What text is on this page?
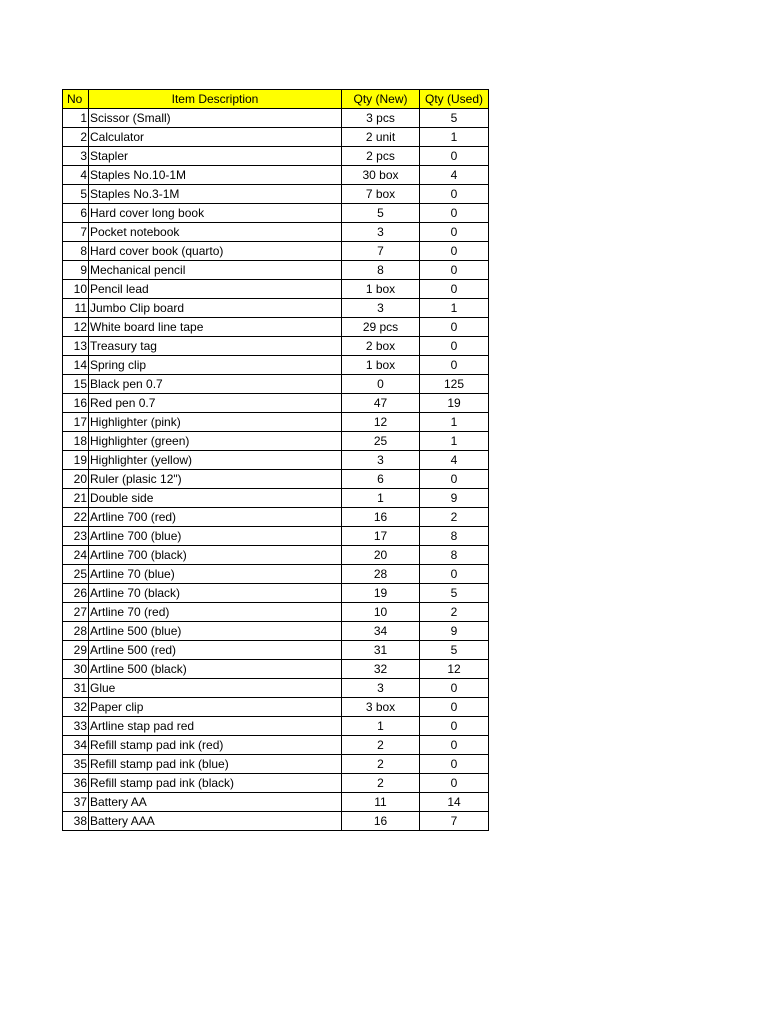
No	Item Description	Qty (New)	Qty (Used)
1	Scissor (Small)	3 pcs	5
2	Calculator	2 unit	1
3	Stapler	2 pcs	0
4	Staples No.10-1M	30 box	4
5	Staples No.3-1M	7 box	0
6	Hard cover long book	5	0
7	Pocket notebook	3	0
8	Hard cover book (quarto)	7	0
9	Mechanical pencil	8	0
10	Pencil lead	1 box	0
11	Jumbo Clip board	3	1
12	White board line tape	29 pcs	0
13	Treasury tag	2 box	0
14	Spring clip	1 box	0
15	Black pen 0.7	0	125
16	Red pen 0.7	47	19
17	Highlighter (pink)	12	1
18	Highlighter (green)	25	1
19	Highlighter (yellow)	3	4
20	Ruler (plasic 12")	6	0
21	Double side	1	9
22	Artline 700 (red)	16	2
23	Artline 700 (blue)	17	8
24	Artline 700 (black)	20	8
25	Artline 70 (blue)	28	0
26	Artline 70 (black)	19	5
27	Artline 70 (red)	10	2
28	Artline 500 (blue)	34	9
29	Artline 500 (red)	31	5
30	Artline 500 (black)	32	12
31	Glue	3	0
32	Paper clip	3 box	0
33	Artline stap pad red	1	0
34	Refill stamp pad ink (red)	2	0
35	Refill stamp pad ink (blue)	2	0
36	Refill stamp pad ink (black)	2	0
37	Battery AA	11	14
38	Battery AAA	16	7
